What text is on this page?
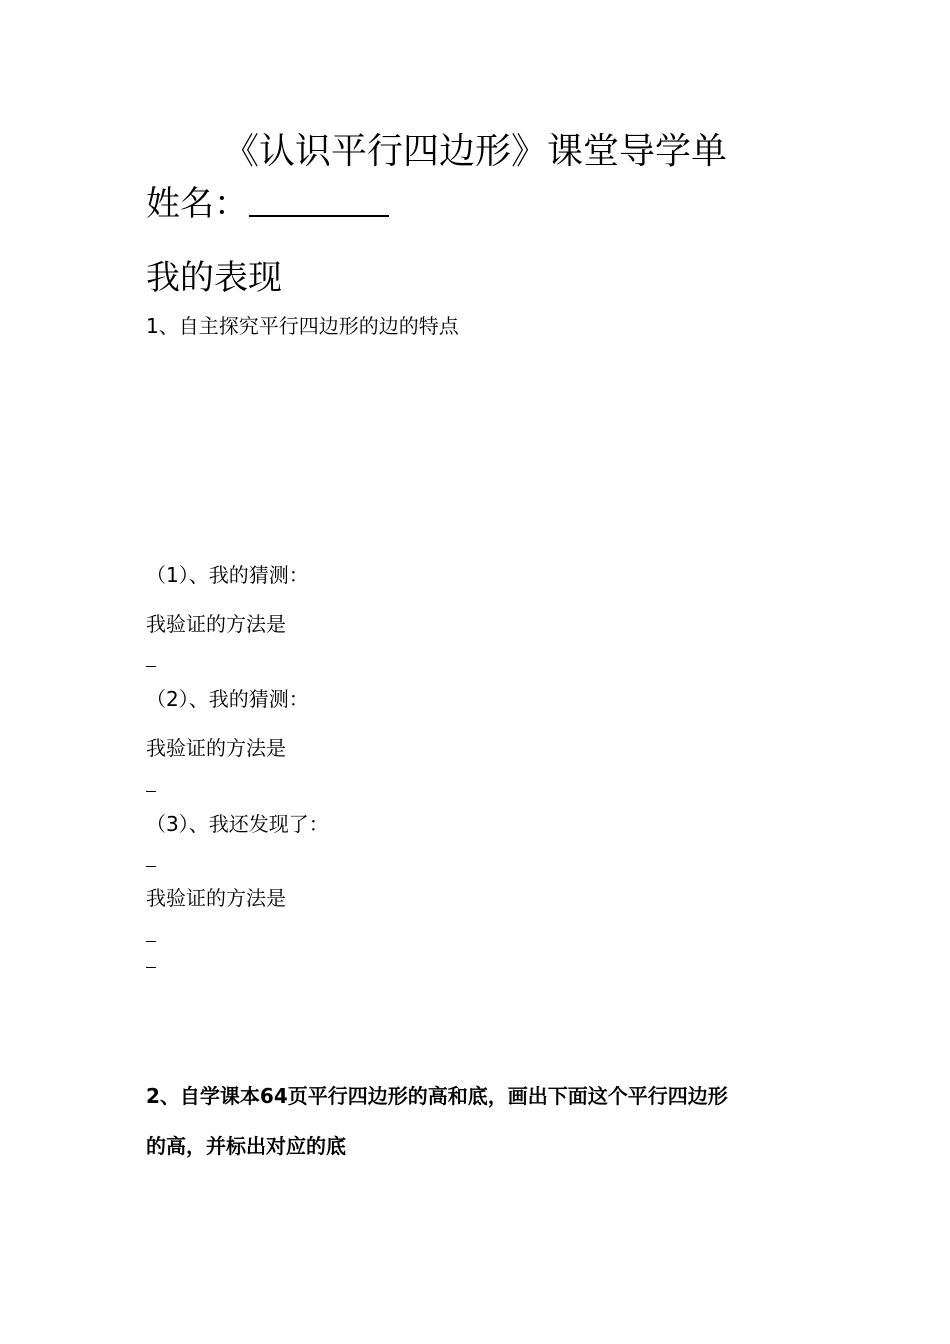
《认识平行四边形》课堂导学单
姓名：
我的表现
1、自主探究平行四边形的边的特点
（1）、我的猜测：
我验证的方法是
（2）、我的猜测：
我验证的方法是
（3）、我还发现了：
我验证的方法是
2、自学课本64页平行四边形的高和底，画出下面这个平行四边形
的高，并标出对应的底
